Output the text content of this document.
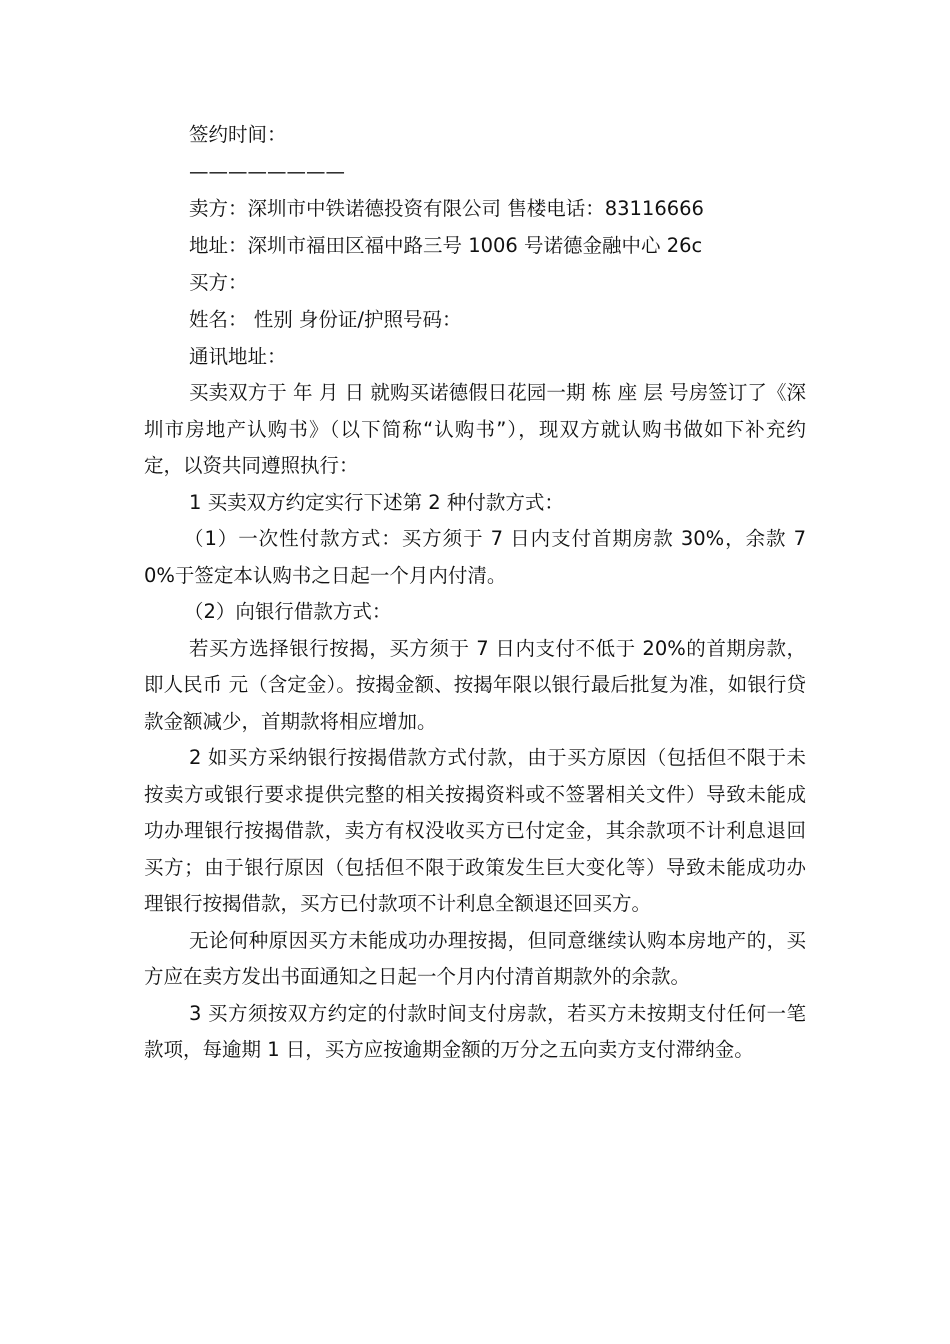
签约时间：

————————

卖方：深圳市中铁诺德投资有限公司 售楼电话：83116666

地址：深圳市福田区福中路三号 1006 号诺德金融中心 26c

买方：

姓名： 性别 身份证/护照号码：

通讯地址：

买卖双方于 年 月 日 就购买诺德假日花园一期 栋 座 层 号房签订了《深圳市房地产认购书》（以下简称“认购书”），现双方就认购书做如下补充约定，以资共同遵照执行：

1 买卖双方约定实行下述第 2 种付款方式：

（1）一次性付款方式：买方须于 7 日内支付首期房款 30%，余款 70%于签定本认购书之日起一个月内付清。

（2）向银行借款方式：

若买方选择银行按揭，买方须于 7 日内支付不低于 20%的首期房款，即人民币 元（含定金）。按揭金额、按揭年限以银行最后批复为准，如银行贷款金额减少，首期款将相应增加。

2 如买方采纳银行按揭借款方式付款，由于买方原因（包括但不限于未按卖方或银行要求提供完整的相关按揭资料或不签署相关文件）导致未能成功办理银行按揭借款，卖方有权没收买方已付定金，其余款项不计利息退回买方；由于银行原因（包括但不限于政策发生巨大变化等）导致未能成功办理银行按揭借款，买方已付款项不计利息全额退还回买方。

无论何种原因买方未能成功办理按揭，但同意继续认购本房地产的，买方应在卖方发出书面通知之日起一个月内付清首期款外的余款。

3 买方须按双方约定的付款时间支付房款，若买方未按期支付任何一笔款项，每逾期 1 日，买方应按逾期金额的万分之五向卖方支付滞纳金。
